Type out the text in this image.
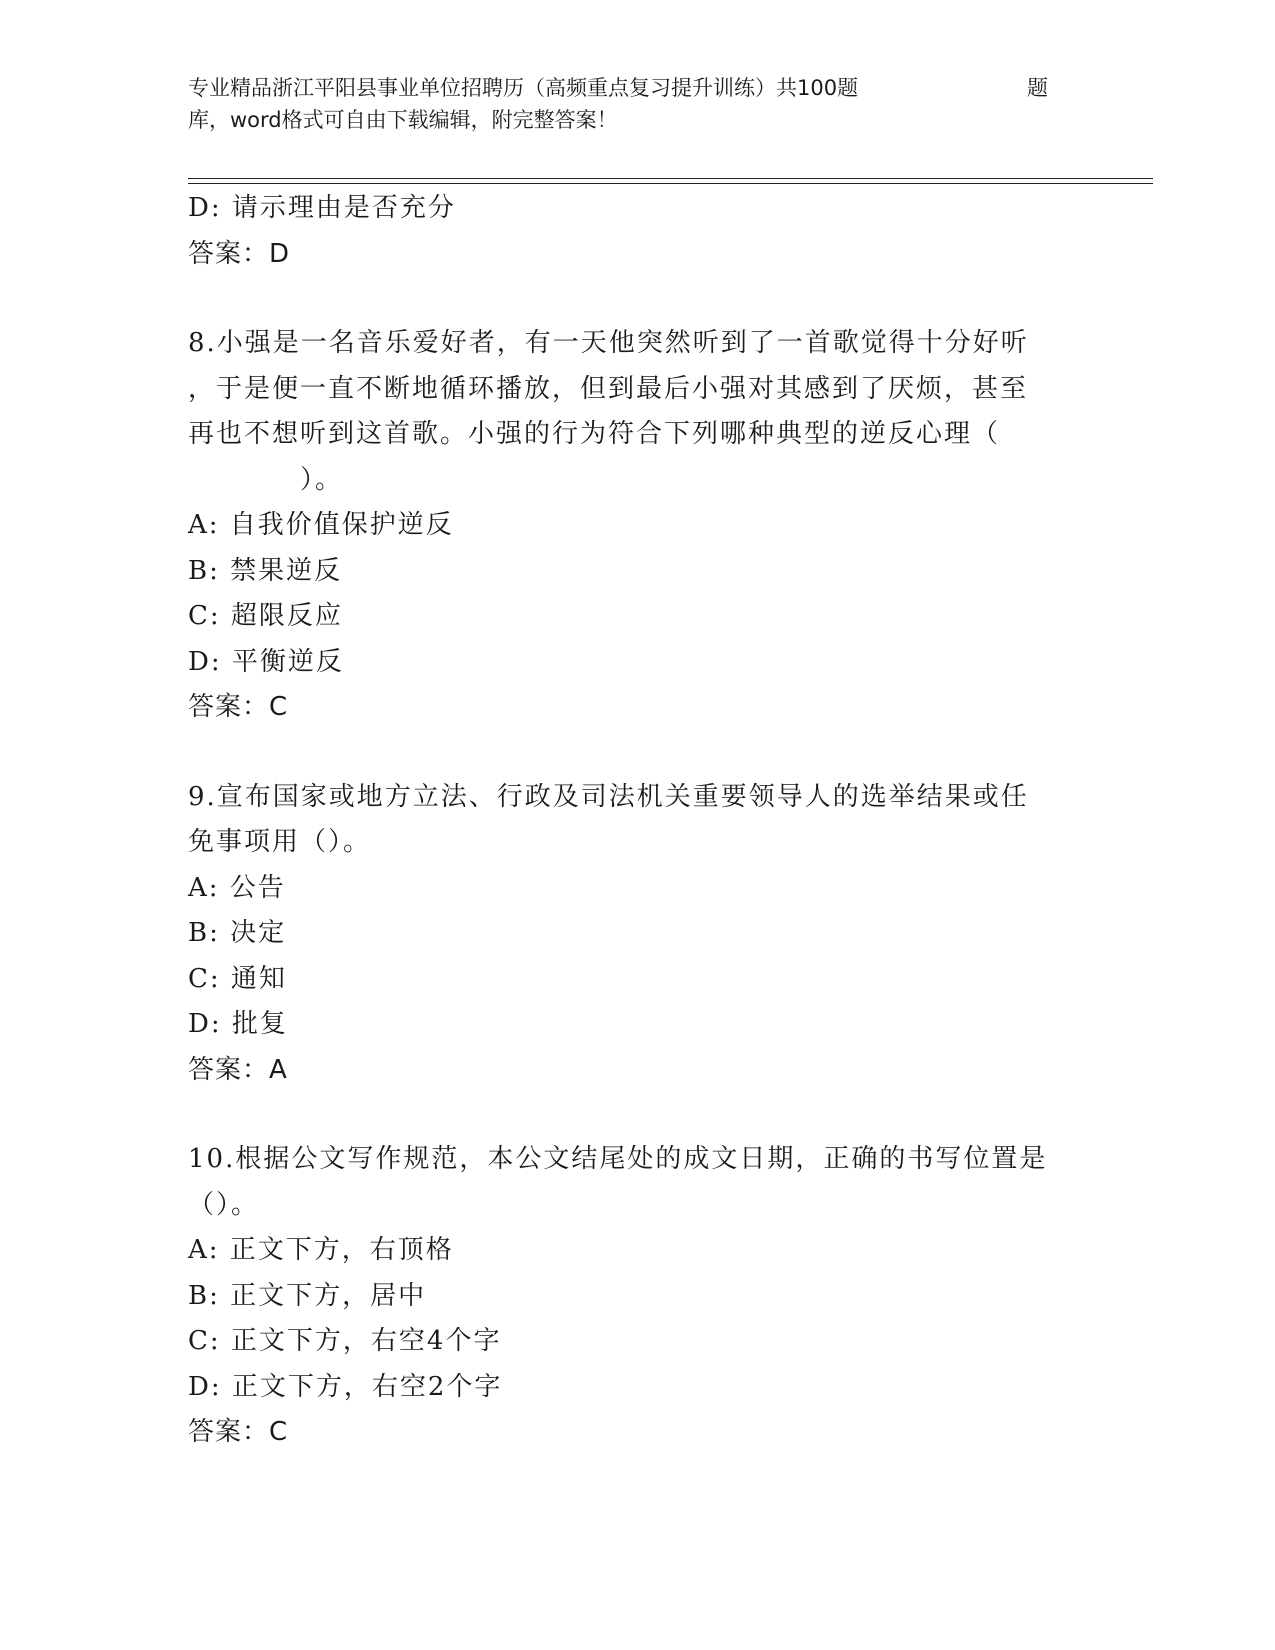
专业精品浙江平阳县事业单位招聘历（高频重点复习提升训练）共100题	题
库，word格式可自由下载编辑，附完整答案！
D: 请示理由是否充分
答案：D
8.小强是一名音乐爱好者，有一天他突然听到了一首歌觉得十分好听
，于是便一直不断地循环播放，但到最后小强对其感到了厌烦，甚至
再也不想听到这首歌。小强的行为符合下列哪种典型的逆反心理（
）。
A: 自我价值保护逆反
B: 禁果逆反
C: 超限反应
D: 平衡逆反
答案：C
9.宣布国家或地方立法、行政及司法机关重要领导人的选举结果或任
免事项用（）。
A: 公告
B: 决定
C: 通知
D: 批复
答案：A
10.根据公文写作规范，本公文结尾处的成文日期，正确的书写位置是
（）。
A: 正文下方，右顶格
B: 正文下方，居中
C: 正文下方，右空4个字
D: 正文下方，右空2个字
答案：C
